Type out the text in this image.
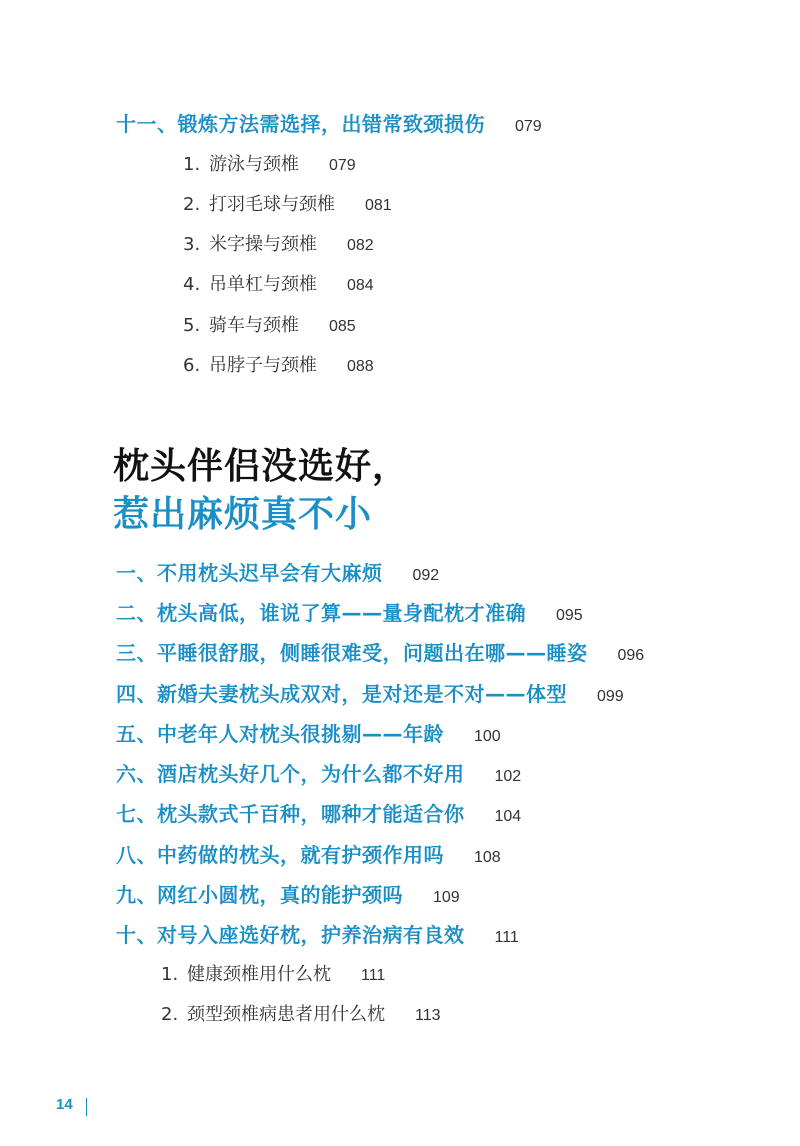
十一、锻炼方法需选择，出错常致颈损伤 079
1. 游泳与颈椎 079
2. 打羽毛球与颈椎 081
3. 米字操与颈椎 082
4. 吊单杠与颈椎 084
5. 骑车与颈椎 085
6. 吊脖子与颈椎 088
枕头伴侣没选好，
惹出麻烦真不小
一、不用枕头迟早会有大麻烦 092
二、枕头高低，谁说了算——量身配枕才准确 095
三、平睡很舒服，侧睡很难受，问题出在哪——睡姿 096
四、新婚夫妻枕头成双对，是对还是不对——体型 099
五、中老年人对枕头很挑剔——年龄 100
六、酒店枕头好几个，为什么都不好用 102
七、枕头款式千百种，哪种才能适合你 104
八、中药做的枕头，就有护颈作用吗 108
九、网红小圆枕，真的能护颈吗 109
十、对号入座选好枕，护养治病有良效 111
1. 健康颈椎用什么枕 111
2. 颈型颈椎病患者用什么枕 113
14
